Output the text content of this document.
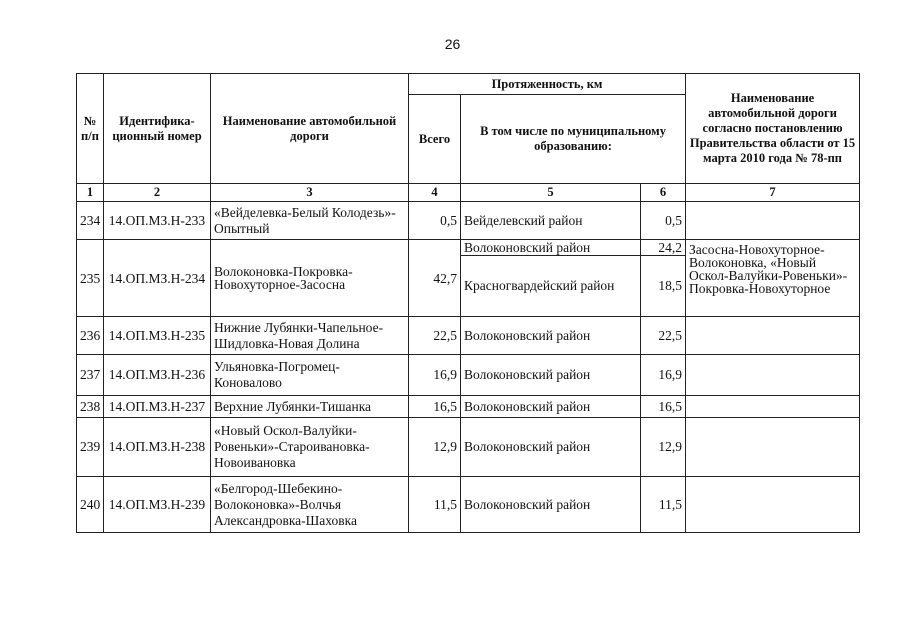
26
№ п/п	Идентифика-ционный номер	Наименование автомобильной дороги	Протяженность, км			Наименование автомобильной дороги согласно постановлению Правительства области от 15 марта 2010 года № 78-пп
			Всего	В том числе по муниципальному образованию:		
1	2	3	4	5	6	7
234	14.ОП.МЗ.Н-233	«Вейделевка-Белый Колодезь»-Опытный	0,5	Вейделевский район	0,5	
235	14.ОП.МЗ.Н-234	Волоконовка-Покровка-Новохуторное-Засосна	42,7	Волоконовский район	24,2	Засосна-Новохуторное-Волоконовка, «Новый Оскол-Валуйки-Ровеньки»-Покровка-Новохуторное
				Красногвардейский район	18,5	
236	14.ОП.МЗ.Н-235	Нижние Лубянки-Чапельное-Шидловка-Новая Долина	22,5	Волоконовский район	22,5	
237	14.ОП.МЗ.Н-236	Ульяновка-Погромец-Коновалово	16,9	Волоконовский район	16,9	
238	14.ОП.МЗ.Н-237	Верхние Лубянки-Тишанка	16,5	Волоконовский район	16,5	
239	14.ОП.МЗ.Н-238	«Новый Оскол-Валуйки-Ровеньки»-Староивановка-Новоивановка	12,9	Волоконовский район	12,9	
240	14.ОП.МЗ.Н-239	«Белгород-Шебекино-Волоконовка»-Волчья Александровка-Шаховка	11,5	Волоконовский район	11,5	
